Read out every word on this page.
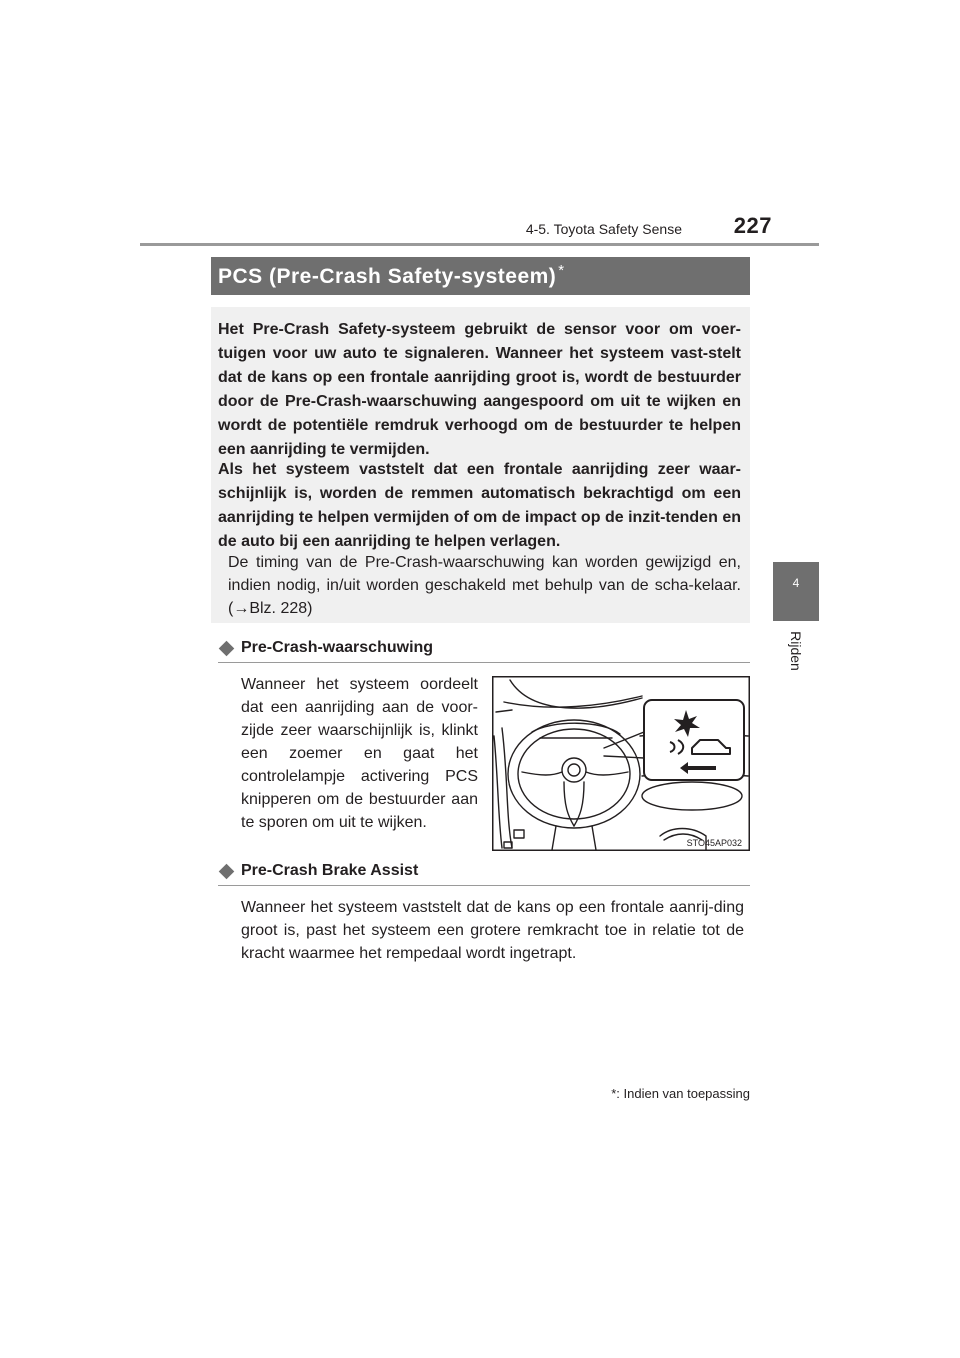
4-5. Toyota Safety Sense	227
4
Rijden
PCS (Pre-Crash Safety-systeem) *
Het Pre-Crash Safety-systeem gebruikt de sensor voor om voer-tuigen voor uw auto te signaleren. Wanneer het systeem vast-stelt dat de kans op een frontale aanrijding groot is, wordt de bestuurder door de Pre-Crash-waarschuwing aangespoord om uit te wijken en wordt de potentiële remdruk verhoogd om de bestuurder te helpen een aanrijding te vermijden.
Als het systeem vaststelt dat een frontale aanrijding zeer waar-schijnlijk is, worden de remmen automatisch bekrachtigd om een aanrijding te helpen vermijden of om de impact op de inzit-tenden en de auto bij een aanrijding te helpen verlagen.
De timing van de Pre-Crash-waarschuwing kan worden gewijzigd en, indien nodig, in/uit worden geschakeld met behulp van de scha-kelaar. (→Blz. 228)
Pre-Crash-waarschuwing
Wanneer het systeem oordeelt dat een aanrijding aan de voor-zijde zeer waarschijnlijk is, klinkt een zoemer en gaat het controlelampje activering PCS knipperen om de bestuurder aan te sporen om uit te wijken.
STO45AP032
Pre-Crash Brake Assist
Wanneer het systeem vaststelt dat de kans op een frontale aanrij-ding groot is, past het systeem een grotere remkracht toe in relatie tot de kracht waarmee het rempedaal wordt ingetrapt.
*: Indien van toepassing
